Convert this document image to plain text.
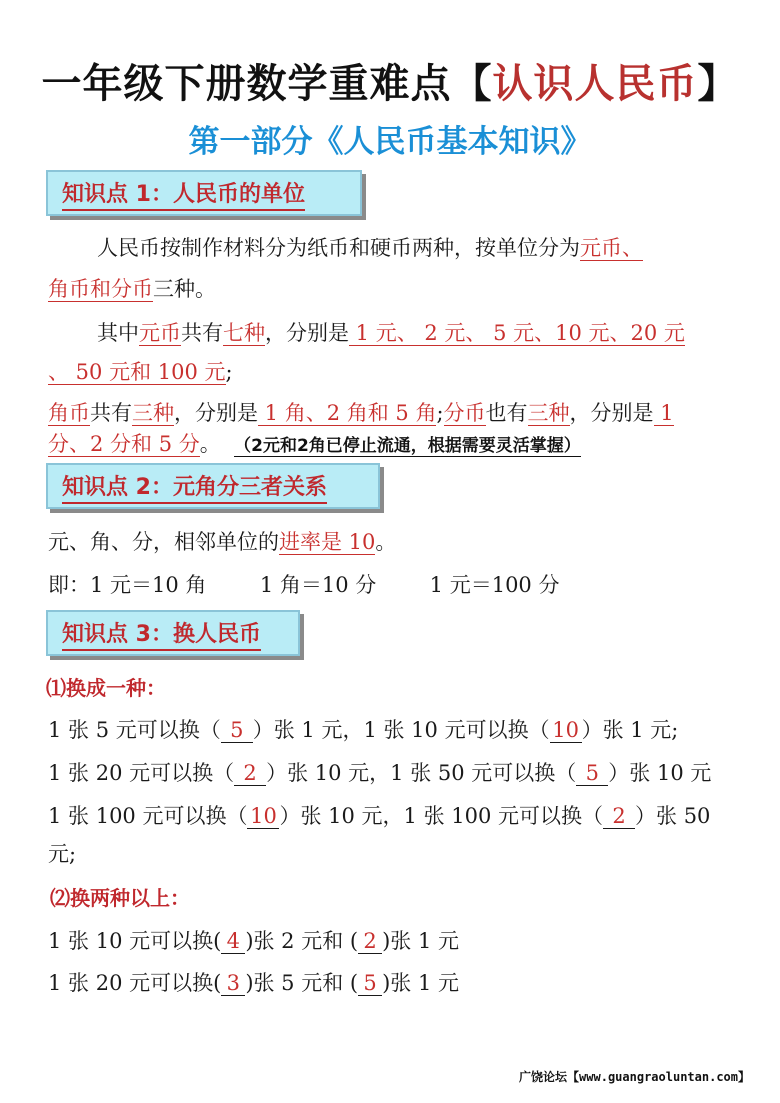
一年级下册数学重难点【认识人民币】
第一部分《人民币基本知识》
知识点 1：人民币的单位
人民币按制作材料分为纸币和硬币两种，按单位分为元币、
角币和分币三种。
其中元币共有七种，分别是 1 元、 2 元、 5 元、10 元、20 元
、 50 元和 100 元;
角币共有三种，分别是 1 角、2 角和 5 角;分币也有三种，分别是 1
分、2 分和 5 分。 （2元和2角已停止流通，根据需要灵活掌握）
知识点 2：元角分三者关系
元、角、分，相邻单位的进率是 10。
即：1 元＝10 角        1 角＝10 分        1 元＝100 分
知识点 3：换人民币
⑴换成一种：
1 张 5 元可以换（ 5 ）张 1 元，1 张 10 元可以换（ 10 ）张 1 元;
1 张 20 元可以换（ 2 ）张 10 元，1 张 50 元可以换（ 5 ）张 10 元
1 张 100 元可以换（ 10 ）张 10 元，1 张 100 元可以换（ 2 ）张 50
元;
⑵换两种以上：
1 张 10 元可以换( 4 )张 2 元和 ( 2 )张 1 元
1 张 20 元可以换( 3 )张 5 元和 ( 5 )张 1 元
广饶论坛【www.guangraoluntan.com】
